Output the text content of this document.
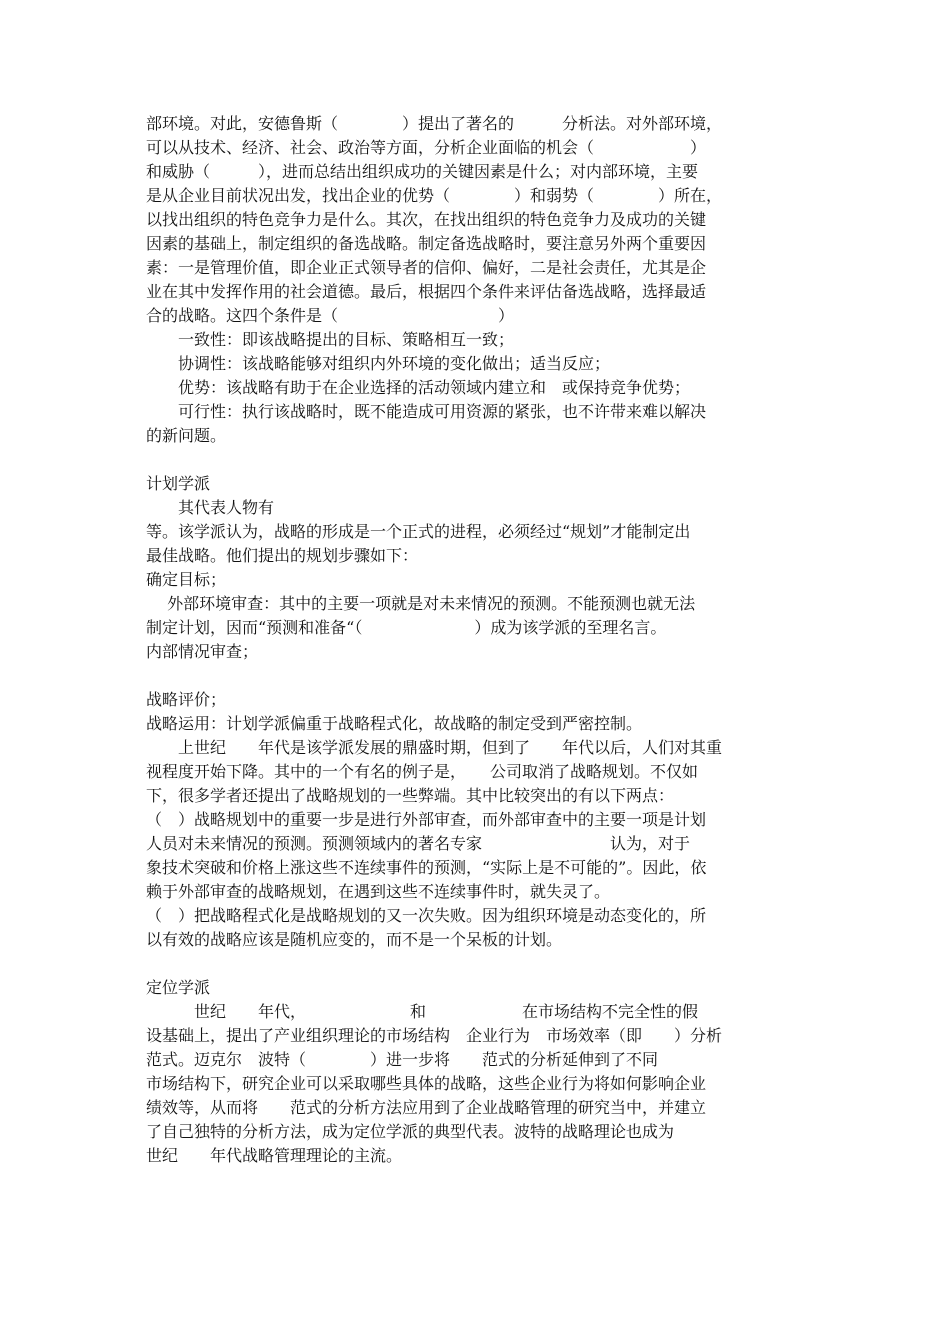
部环境。对此，安德鲁斯（　　　　）提出了著名的　　　分析法。对外部环境，
可以从技术、经济、社会、政治等方面，分析企业面临的机会（　　　　　　）
和威胁（　　　），进而总结出组织成功的关键因素是什么；对内部环境，主要
是从企业目前状况出发，找出企业的优势（　　　　）和弱势（　　　　）所在，
以找出组织的特色竞争力是什么。其次，在找出组织的特色竞争力及成功的关键
因素的基础上，制定组织的备选战略。制定备选战略时，要注意另外两个重要因
素：一是管理价值，即企业正式领导者的信仰、偏好，二是社会责任，尤其是企
业在其中发挥作用的社会道德。最后，根据四个条件来评估备选战略，选择最适
合的战略。这四个条件是（　　　　　　　　　　）
　　一致性：即该战略提出的目标、策略相互一致；
　　协调性：该战略能够对组织内外环境的变化做出；适当反应；
　　优势：该战略有助于在企业选择的活动领域内建立和　或保持竞争优势；
　　可行性：执行该战略时，既不能造成可用资源的紧张，也不许带来难以解决
的新问题。
计划学派
　　其代表人物有
等。该学派认为，战略的形成是一个正式的进程，必须经过“规划”才能制定出
最佳战略。他们提出的规划步骤如下：
确定目标；
　 外部环境审查：其中的主要一项就是对未来情况的预测。不能预测也就无法
制定计划，因而“预测和准备“（　　　　　　　）成为该学派的至理名言。
内部情况审查；
战略评价；
战略运用：计划学派偏重于战略程式化，故战略的制定受到严密控制。
　　上世纪　　年代是该学派发展的鼎盛时期，但到了　　年代以后，人们对其重
视程度开始下降。其中的一个有名的例子是，　　公司取消了战略规划。不仅如
下，很多学者还提出了战略规划的一些弊端。其中比较突出的有以下两点：
（　）战略规划中的重要一步是进行外部审查，而外部审查中的主要一项是计划
人员对未来情况的预测。预测领域内的著名专家　　　　　　　　认为，对于
象技术突破和价格上涨这些不连续事件的预测，“实际上是不可能的”。因此，依
赖于外部审查的战略规划，在遇到这些不连续事件时，就失灵了。
（　）把战略程式化是战略规划的又一次失败。因为组织环境是动态变化的，所
以有效的战略应该是随机应变的，而不是一个呆板的计划。
定位学派
　　　世纪　　年代，　　　　　　　和　　　　　　在市场结构不完全性的假
设基础上，提出了产业组织理论的市场结构　企业行为　市场效率（即　　）分析
范式。迈克尔　波特（　　　　）进一步将　　范式的分析延伸到了不同
市场结构下，研究企业可以采取哪些具体的战略，这些企业行为将如何影响企业
绩效等，从而将　　范式的分析方法应用到了企业战略管理的研究当中，并建立
了自己独特的分析方法，成为定位学派的典型代表。波特的战略理论也成为
世纪　　年代战略管理理论的主流。
